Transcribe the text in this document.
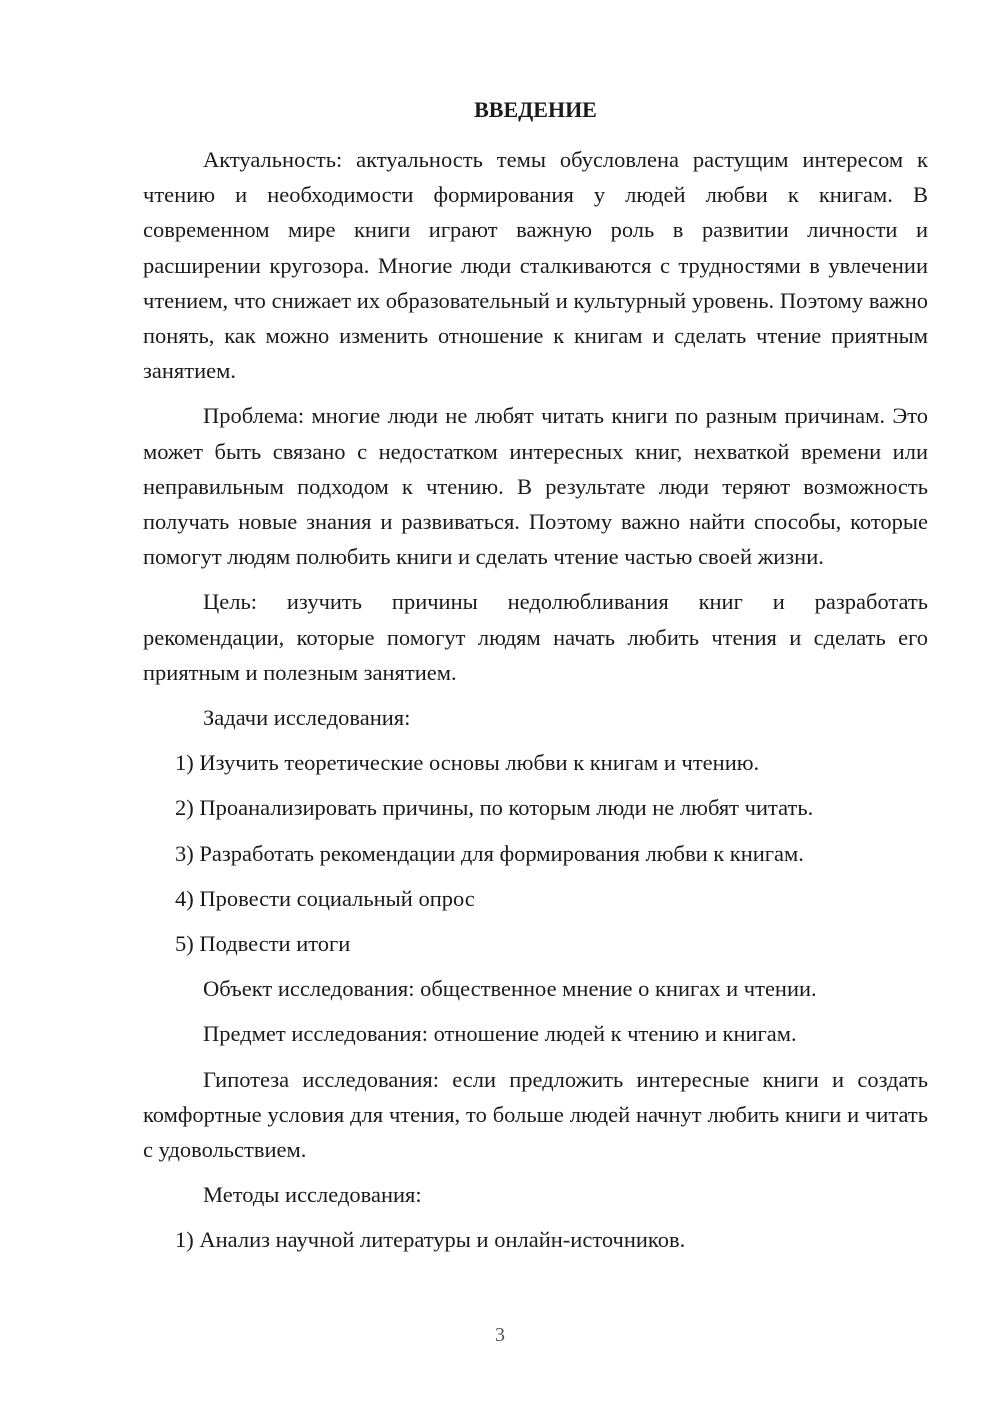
ВВЕДЕНИЕ

Актуальность: актуальность темы обусловлена растущим интересом к чтению и необходимости формирования у людей любви к книгам. В современном мире книги играют важную роль в развитии личности и расширении кругозора. Многие люди сталкиваются с трудностями в увлечении чтением, что снижает их образовательный и культурный уровень. Поэтому важно понять, как можно изменить отношение к книгам и сделать чтение приятным занятием.

Проблема: многие люди не любят читать книги по разным причинам. Это может быть связано с недостатком интересных книг, нехваткой времени или неправильным подходом к чтению. В результате люди теряют возможность получать новые знания и развиваться. Поэтому важно найти способы, которые помогут людям полюбить книги и сделать чтение частью своей жизни.

Цель: изучить причины недолюбливания книг и разработать рекомендации, которые помогут людям начать любить чтения и сделать его приятным и полезным занятием.

Задачи исследования:

1) Изучить теоретические основы любви к книгам и чтению.

2) Проанализировать причины, по которым люди не любят читать.

3) Разработать рекомендации для формирования любви к книгам.

4) Провести социальный опрос

5) Подвести итоги

Объект исследования: общественное мнение о книгах и чтении.

Предмет исследования: отношение людей к чтению и книгам.

Гипотеза исследования: если предложить интересные книги и создать комфортные условия для чтения, то больше людей начнут любить книги и читать с удовольствием.

Методы исследования:

1) Анализ научной литературы и онлайн-источников.

3
